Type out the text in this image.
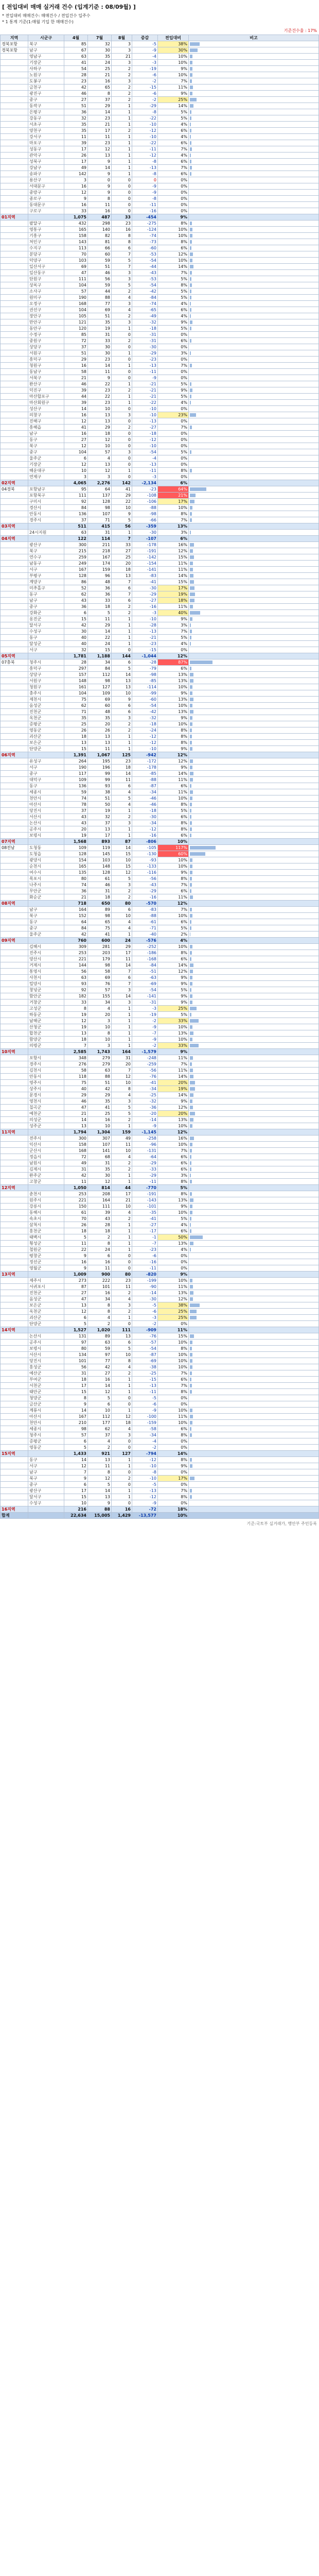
[ 전입대비 매매 실거래 건수 (입계기준 : 08/09월) ]
* 전입대비 매매건수: 매매건수 / 전입건수 입주수
* 1 통계 기준(1:매월 기입 한 매매건수)
기준건수율 : 17%
지역	시군구	4월	7월	8월	증감	전입대비	비고
경북포항	북구	85	32	3	-5	38%	
경북포항	남구	67	30	3	-9	30%	
	영남구	63	35	21	-4	10%	
	기장군	41	24	3	-3	10%	
	사하구	54	25	2	-19	9%	
	노원구	28	21	2	-6	10%	
	도봉구	23	16	3	-2	7%	
	금천구	42	65	2	-15	11%	
	광진구	46	8	2	-6	9%	
	중구	27	37	2	-2	25%	
	동작구	51	29	1	-29	14%	
	은평구	36	14	1	-8	5%	
	강동구	32	23	1	-22	5%	
	서초구	35	21	1	-10	4%	
	양천구	35	17	2	-12	6%	
	강서구	11	11	1	-10	4%	
	마포구	39	23	1	-22	6%	
	성동구	17	12	1	-11	7%	
	관악구	26	13	1	-12	4%	
	성북구	17	9	1	-8	6%	
	강남구	49	14	1	-13	7%	
	송파구	142	9	1	-8	6%	
	용산구	3	0	0	0	0%	
	서대문구	16	9	0	-9	0%	
	중랑구	12	9	0	-9	0%	
	종로구	9	8	0	-8	0%	
	동대문구	16	11	0	-11	0%	
	구로구	33	16	0	-16	0%	
01지역		1,075	487	33	-454	9%	
	팔달구	432	298	23	-275	8%	
	영통구	165	140	16	-124	10%	
	기흥구	158	82	8	-74	10%	
	처인구	143	81	8	-73	8%	
	수지구	113	66	6	-60	6%	
	분당구	70	60	7	-53	12%	
	덕양구	103	59	5	-54	10%	
	일산서구	69	51	7	-44	14%	
	일산동구	47	46	3	-43	7%	
	단원구	111	56	3	-53	5%	
	상록구	104	59	5	-54	8%	
	소사구	57	44	2	-42	5%	
	원미구	190	88	4	-84	5%	
	오정구	168	77	3	-74	4%	
	권선구	104	69	4	-65	6%	
	장안구	105	51	2	-49	4%	
	만안구	121	35	3	-32	9%	
	동안구	120	19	1	-18	5%	
	수정구	85	31	0	-31	0%	
	중원구	72	33	2	-31	6%	
	상당구	37	30	0	-30	0%	
	서원구	51	30	1	-29	3%	
	흥덕구	29	23	0	-23	0%	
	청원구	16	14	1	-13	7%	
	동남구	58	11	0	-11	0%	
	서북구	21	9	0	-9	0%	
	완산구	46	22	1	-21	5%	
	덕진구	39	23	2	-21	9%	
	마산합포구	44	22	1	-21	5%	
	마산회원구	39	23	1	-22	4%	
	성산구	14	10	0	-10	0%	
	의창구	16	13	3	-10	23%	
	진해구	12	13	0	-13	0%	
	흥해읍	41	29	2	-27	7%	
	남구	16	18	0	-18	0%	
	동구	27	12	0	-12	0%	
	북구	12	10	0	-10	0%	
	중구	104	57	3	-54	5%	
	울주군	6	4	0	-4	0%	
	기장군	12	13	0	-13	0%	
	해운대구	10	12	1	-11	8%	
	연제구	3	3	0	-3	0%	
02지역		4,065	2,276	142	-2,134	6%	
04경북	포항남구	95	64	41	-23	64%	
	포항북구	111	137	29	-108	21%	
	구미시	92	128	22	-106	17%	
	경산시	84	98	10	-88	10%	
	안동시	136	107	9	-98	8%	
	경주시	37	71	5	-66	7%	
03지역		511	415	56	-359	13%	
	24시지원	63	31	1	-30	3%	
04지역		122	114	7	-107	6%	
	광산구	300	211	33	-178	16%	
	북구	215	218	27	-191	12%	
	연수구	259	167	25	-142	15%	
	남동구	249	174	20	-154	11%	
	서구	167	159	18	-141	11%	
	부평구	128	96	13	-83	14%	
	계양구	86	48	7	-41	15%	
	미추홀구	52	36	6	-30	17%	
	동구	62	36	7	-29	19%	
	남구	43	33	6	-27	18%	
	중구	36	18	2	-16	11%	
	강화군	6	5	2	-3	40%	
	옹진군	15	11	1	-10	9%	
	달서구	42	29	1	-28	3%	
	수성구	30	14	1	-13	7%	
	동구	40	22	1	-21	5%	
	달성군	40	24	1	-23	4%	
	서구	32	15	0	-15	0%	
05지역		1,781	1,188	144	-1,044	12%	
07충북	청주시	28	34	6	-28	87%	
	흥덕구	297	84	5	-79	6%	
	상당구	157	112	14	-98	13%	
	서원구	148	98	13	-85	13%	
	청원구	161	127	13	-114	10%	
	충주시	104	109	10	-99	9%	
	제천시	75	69	9	-60	13%	
	음성군	62	60	6	-54	10%	
	진천군	71	48	6	-42	13%	
	옥천군	35	35	3	-32	9%	
	증평군	25	20	2	-18	10%	
	영동군	26	26	2	-24	8%	
	괴산군	18	13	1	-12	8%	
	보은군	13	13	1	-12	8%	
	단양군	15	11	1	-10	9%	
06지역		1,391	1,067	125	-942	12%	
	유성구	264	195	23	-172	12%	
	서구	190	196	18	-178	9%	
	중구	117	99	14	-85	14%	
	대덕구	109	99	11	-88	11%	
	동구	136	93	6	-87	6%	
	세종시	59	38	4	-34	11%	
	천안시	74	51	5	-46	10%	
	아산시	78	50	4	-46	8%	
	당진시	37	19	1	-18	5%	
	서산시	43	32	2	-30	6%	
	논산시	43	37	3	-34	8%	
	공주시	20	13	1	-12	8%	
	보령시	19	17	1	-16	6%	
07지역		1,568	893	87	-806	10%	
08전남	도청동	109	119	14	-105	117%	
	도청읍	128	145	15	-130	60%	
	광양시	154	103	10	-93	10%	
	순천시	165	148	15	-133	10%	
	여수시	135	128	12	-116	9%	
	목포시	80	61	5	-56	8%	
	나주시	74	46	3	-43	7%	
	무안군	36	31	2	-29	6%	
	화순군	21	18	2	-16	11%	
08지역		718	650	80	-570	12%	
	남구	164	89	6	-83	7%	
	북구	152	98	10	-88	10%	
	동구	64	65	4	-61	6%	
	중구	84	75	4	-71	5%	
	울주군	42	41	1	-40	2%	
09지역		760	600	24	-576	4%	
	김해시	309	281	29	-252	10%	
	진주시	253	203	17	-186	8%	
	양산시	221	179	11	-168	6%	
	거제시	144	98	14	-84	14%	
	통영시	56	58	7	-51	12%	
	사천시	63	69	6	-63	9%	
	밀양시	93	76	7	-69	9%	
	창녕군	92	57	3	-54	5%	
	함안군	182	155	14	-141	9%	
	거창군	33	34	3	-31	9%	
	고성군	8	4	1	-3	25%	
	하동군	19	20	1	-19	5%	
	남해군	12	3	1	-2	33%	
	산청군	19	10	1	-9	10%	
	합천군	13	8	1	-7	13%	
	함양군	18	10	1	-9	10%	
	의령군	7	3	1	-2	33%	
10지역		2,585	1,743	164	-1,579	9%	
	포항시	348	279	31	-248	11%	
	경주시	276	279	20	-259	7%	
	김천시	58	63	7	-56	11%	
	안동시	118	88	12	-76	14%	
	영주시	75	51	10	-41	20%	
	상주시	40	42	8	-34	19%	
	문경시	29	29	4	-25	14%	
	영천시	46	35	3	-32	9%	
	칠곡군	47	41	5	-36	12%	
	예천군	21	25	5	-20	20%	
	의성군	14	16	2	-14	13%	
	성주군	13	10	1	-9	10%	
11지역		1,794	1,304	159	-1,145	12%	
	전주시	300	307	49	-258	16%	
	익산시	158	107	11	-96	10%	
	군산시	168	141	10	-131	7%	
	정읍시	72	68	4	-64	6%	
	남원시	49	31	2	-29	6%	
	김제시	31	35	2	-33	6%	
	완주군	42	30	1	-29	3%	
	고창군	11	12	1	-11	8%	
12지역		1,050	814	44	-770	5%	
	춘천시	253	208	17	-191	8%	
	원주시	221	164	21	-143	13%	
	강릉시	150	111	10	-101	9%	
	동해시	61	39	4	-35	10%	
	속초시	70	43	2	-41	5%	
	삼척시	26	28	1	-27	4%	
	홍천군	18	18	1	-17	6%	
	태백시	5	2	1	-1	50%	
	횡성군	11	8	1	-7	13%	
	철원군	22	24	1	-23	4%	
	평창군	9	6	0	-6	0%	
	정선군	16	16	0	-16	0%	
	영월군	9	11	0	-11	0%	
13지역		1,009	900	80	-820	9%	
	제주시	273	222	23	-199	10%	
	서귀포시	87	101	11	-90	11%	
	진천군	27	16	2	-14	13%	
	음성군	47	34	4	-30	12%	
	보은군	13	8	3	-5	38%	
	옥천군	12	8	2	-6	25%	
	괴산군	6	4	1	-3	25%	
	단양군	5	2	0	-2	0%	
14지역		1,527	1,020	111	-909	11%	
	논산시	131	89	13	-76	15%	
	공주시	97	63	6	-57	10%	
	보령시	80	59	5	-54	8%	
	서산시	134	97	10	-87	10%	
	당진시	101	77	8	-69	10%	
	홍성군	56	42	4	-38	10%	
	예산군	31	27	2	-25	7%	
	부여군	18	16	1	-15	6%	
	서천군	17	14	1	-13	7%	
	태안군	15	12	1	-11	8%	
	청양군	8	5	0	-5	0%	
	금산군	9	6	0	-6	0%	
	계룡시	14	10	1	-9	10%	
	아산시	167	112	12	-100	11%	
	천안시	210	177	18	-159	10%	
	세종시	98	62	4	-58	6%	
	청주시	57	37	3	-34	8%	
	증평군	6	4	0	-4	0%	
	영동군	5	2	0	-2	0%	
15지역		1,433	921	127	-794	14%	
	동구	14	13	1	-12	8%	
	서구	12	11	1	-10	9%	
	남구	7	8	0	-8	0%	
	북구	9	12	2	-10	17%	
	중구	6	5	0	-5	0%	
	광산구	17	14	1	-13	7%	
	달서구	15	13	1	-12	8%	
	수성구	10	9	0	-9	0%	
16지역		216	88	16	-72	18%	
합계		22,634	15,005	1,429	-13,577	10%	
기준:국토부 실거래가, 행안부 주민등록
